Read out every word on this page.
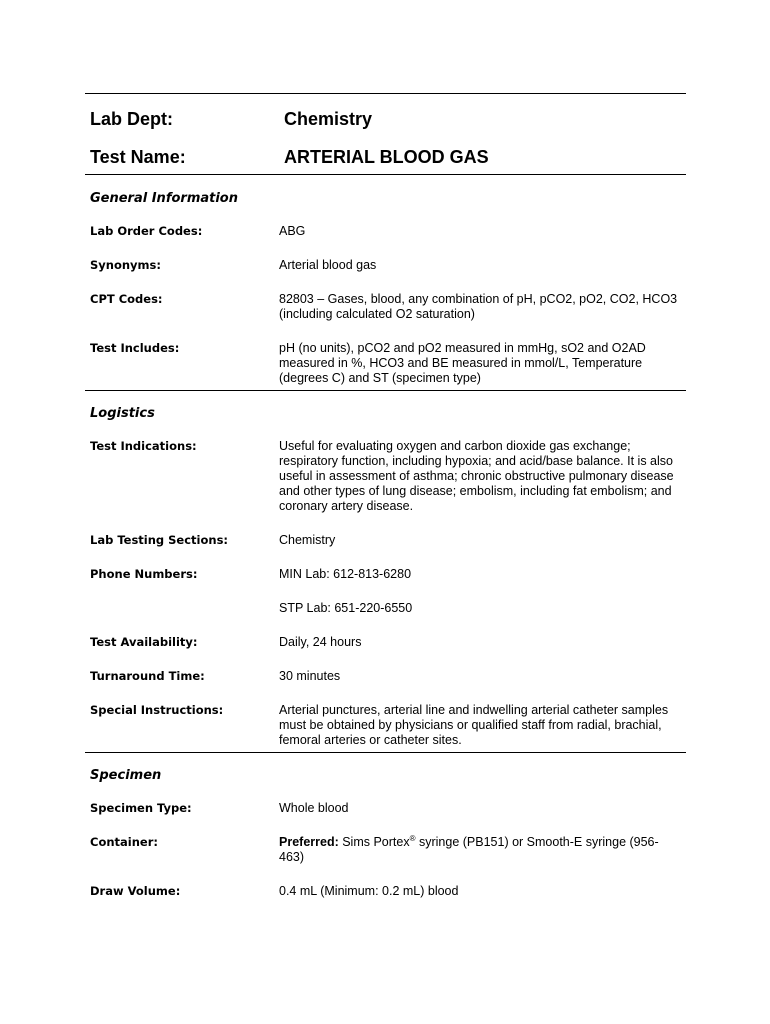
Lab Dept:	Chemistry
Test Name:	ARTERIAL BLOOD GAS
General Information
Lab Order Codes:	ABG
Synonyms:	Arterial blood gas
CPT Codes:	82803 – Gases, blood, any combination of pH, pCO2, pO2, CO2, HCO3
(including calculated O2 saturation)
Test Includes:	pH (no units), pCO2 and pO2 measured in mmHg, sO2 and O2AD
measured in %, HCO3 and BE measured in mmol/L, Temperature
(degrees C) and ST (specimen type)
Logistics
Test Indications:	Useful for evaluating oxygen and carbon dioxide gas exchange;
respiratory function, including hypoxia; and acid/base balance. It is also
useful in assessment of asthma; chronic obstructive pulmonary disease
and other types of lung disease; embolism, including fat embolism; and
coronary artery disease.
Lab Testing Sections:	Chemistry
Phone Numbers:	MIN Lab: 612-813-6280
STP Lab: 651-220-6550
Test Availability:	Daily, 24 hours
Turnaround Time:	30 minutes
Special Instructions:	Arterial punctures, arterial line and indwelling arterial catheter samples
must be obtained by physicians or qualified staff from radial, brachial,
femoral arteries or catheter sites.
Specimen
Specimen Type:	Whole blood
Container:	Preferred: Sims Portex® syringe (PB151) or Smooth-E syringe (956-
463)
Draw Volume:	0.4 mL (Minimum: 0.2 mL) blood
